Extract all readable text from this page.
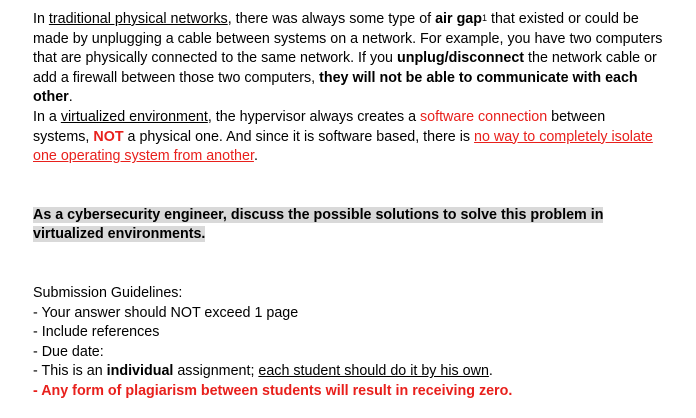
In traditional physical networks, there was always some type of air gap$^1$ that existed or could be made by unplugging a cable between systems on a network. For example, you have two computers that are physically connected to the same network. If you unplug/disconnect the network cable or add a firewall between those two computers, they will not be able to communicate with each other.

In a virtualized environment, the hypervisor always creates a software connection between systems, NOT a physical one. And since it is software based, there is no way to completely isolate one operating system from another.

As a cybersecurity engineer, discuss the possible solutions to solve this problem in virtualized environments.

Submission Guidelines:

- Your answer should NOT exceed 1 page

- Include references

- Due date:

- This is an individual assignment; each student should do it by his own.

- Any form of plagiarism between students will result in receiving zero.
